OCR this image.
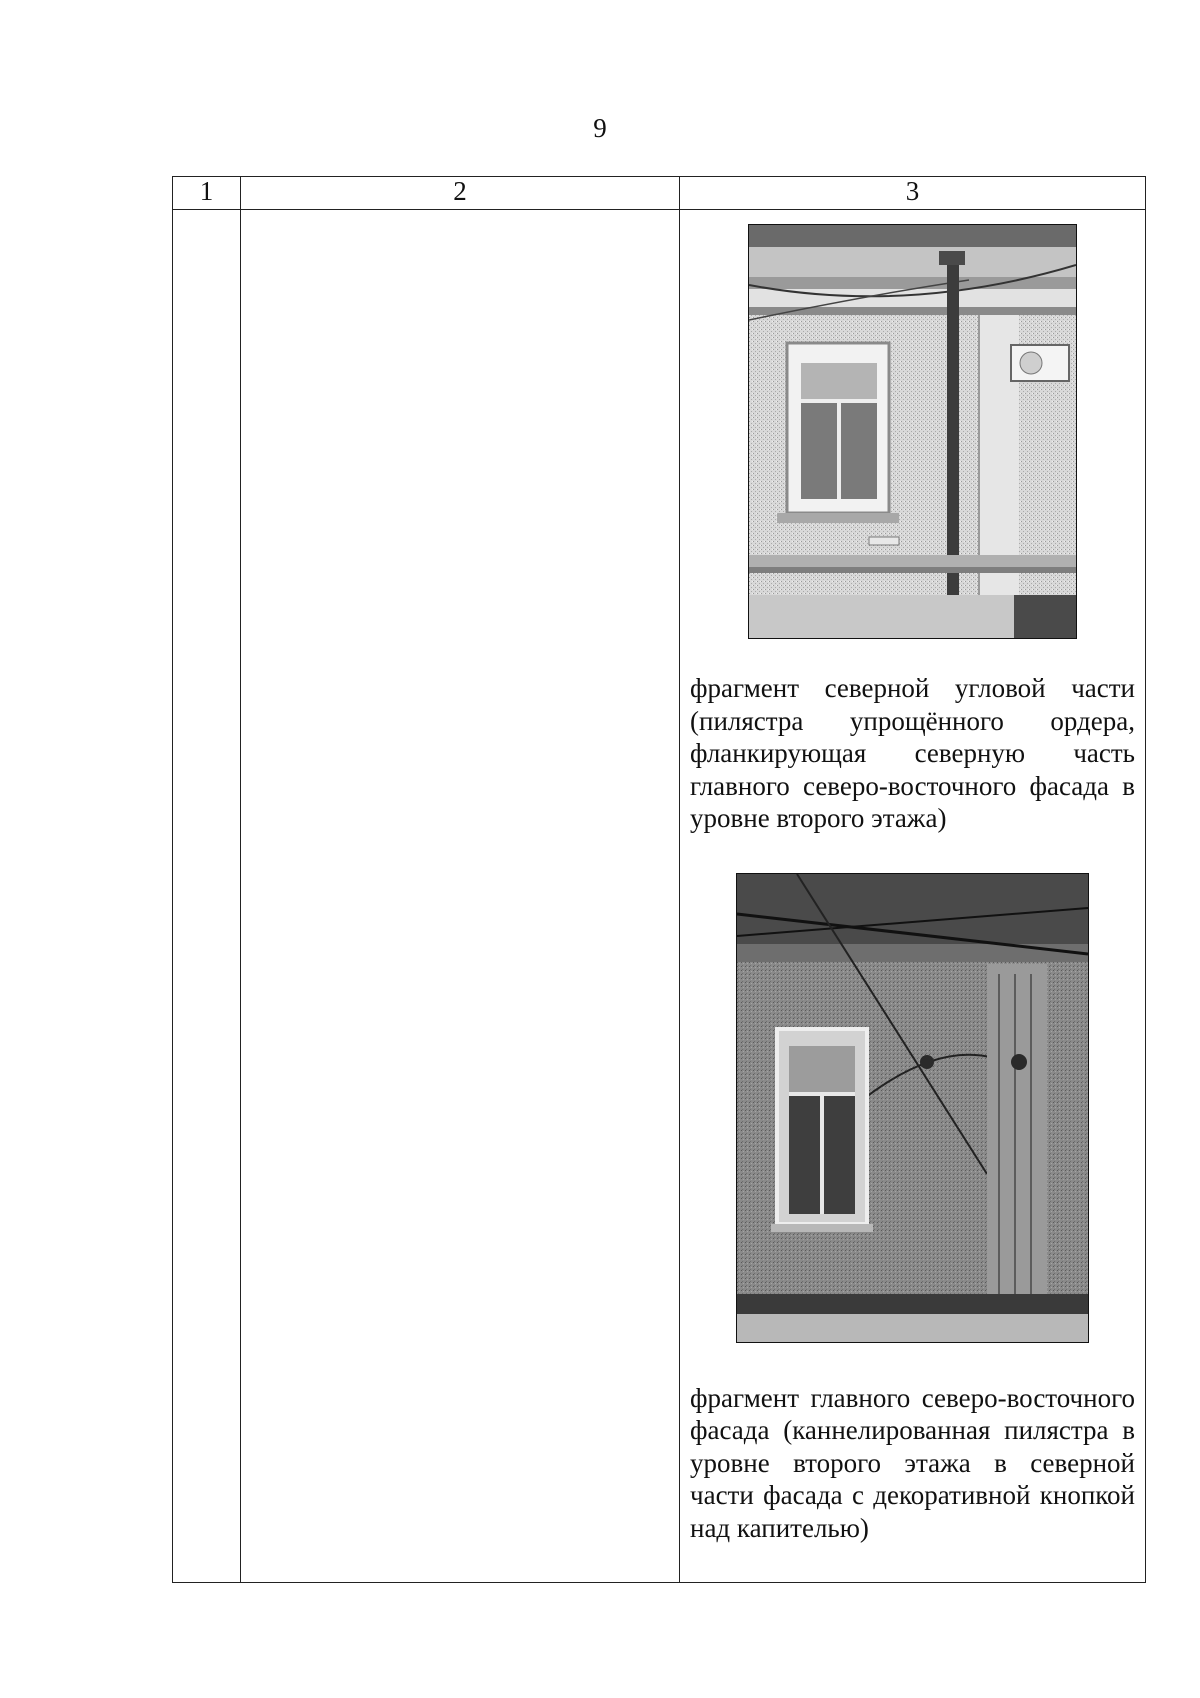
9
1	2	3

		фрагмент северной угловой части (пилястра упрощённого ордера, фланкирующая северную часть главного северо-восточного фасада в уровне второго этажа)
фрагмент главного северо-восточного фасада (каннелированная пилястра в уровне второго этажа в северной части фасада с декоративной кнопкой над капителью)
